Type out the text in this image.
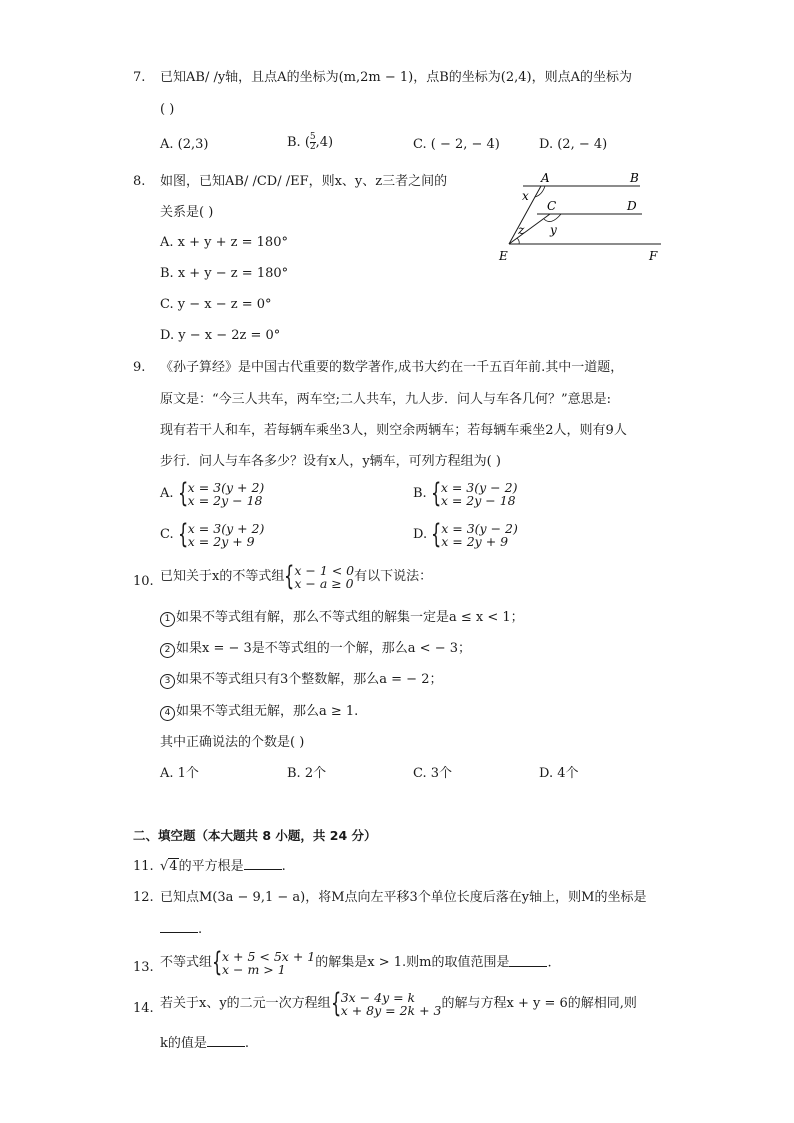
7. 已知AB/ /y轴，且点A的坐标为(m,2m − 1)，点B的坐标为(2,4)，则点A的坐标为
( )
A. (2,3)	B. ( $\frac{5}{2} ,4$)	C. ( − 2, − 4)	D. (2, − 4)
8. 如图，已知AB/ /CD/ /EF，则x、y、z三者之间的
关系是( )
A. x + y + z = 180°
B. x + y − z = 180°
C. y − x − z = 0°
D. y − x − 2z = 0°
A	B
C	D
E	F
x
y
z
9. 《孙子算经》是中国古代重要的数学著作,成书大约在一千五百年前.其中一道题，
原文是：“今三人共车，两车空;二人共车，九人步．问人与车各几何？”意思是:
现有若干人和车，若每辆车乘坐3人，则空余两辆车；若每辆车乘坐2人，则有9人
步行．问人与车各多少？设有x人，y辆车，可列方程组为( )
A. { x = 3(y + 2)
x = 2y − 18	B. { x = 3(y − 2)
x = 2y − 18
C. { x = 3(y + 2)
x = 2y + 9	D. { x = 3(y − 2)
x = 2y + 9
10. 已知关于x的不等式组 { x − 1 < 0
x − a ≥ 0 有以下说法：
1 如果不等式组有解，那么不等式组的解集一定是a ≤ x < 1；
2 如果x = − 3是不等式组的一个解，那么a < − 3；
3 如果不等式组只有3个整数解，那么a = − 2；
4 如果不等式组无解，那么a ≥ 1.
其中正确说法的个数是( )
A. 1个	B. 2个	C. 3个	D. 4个
二、填空题（本大题共 8 小题，共 24 分）
11. √4的平方根是	.
12. 已知点M(3a − 9,1 − a)，将M点向左平移3个单位长度后落在y轴上，则M的坐标是
.
13. 不等式组 { x + 5 < 5x + 1
x − m > 1	的解集是x > 1.则m的取值范围是	.
14. 若关于x、y的二元一次方程组 { 3x − 4y = k
x + 8y = 2k + 3 的解与方程x + y = 6的解相同,则
k的值是	.
